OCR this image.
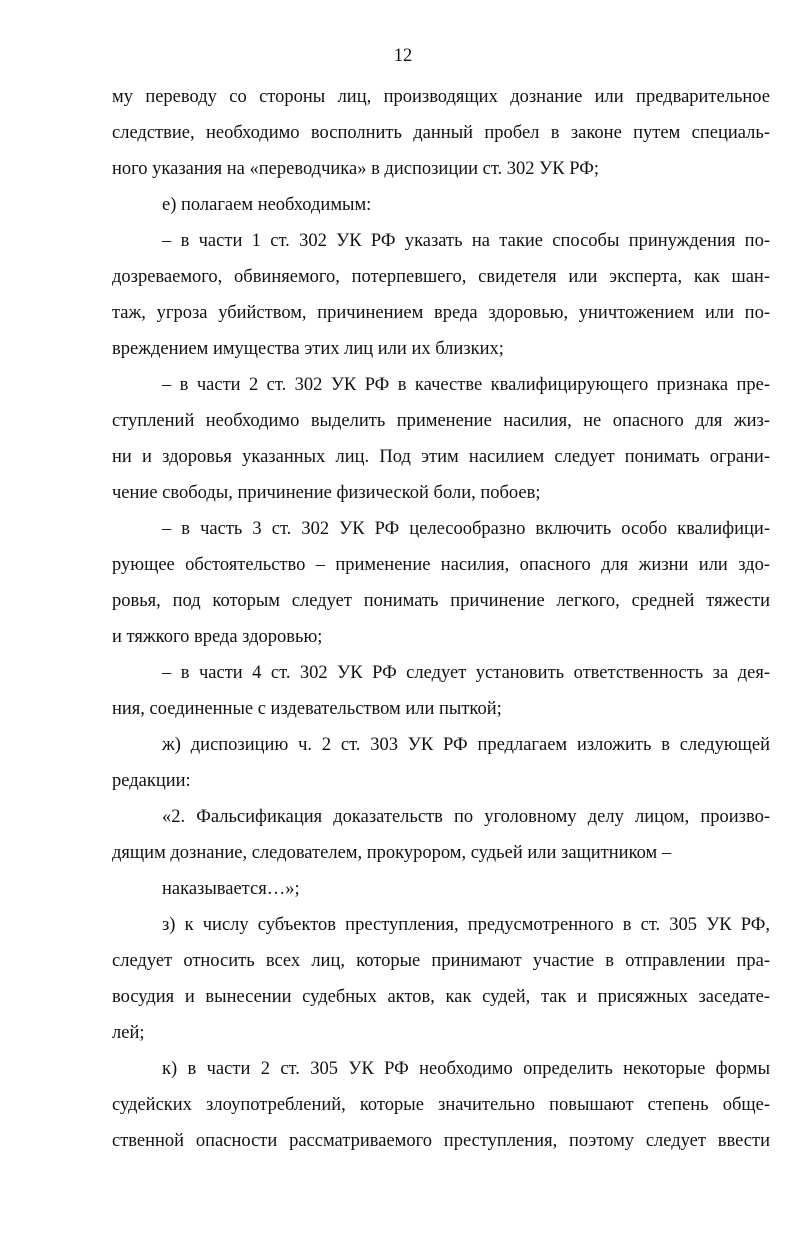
12
му переводу со стороны лиц, производящих дознание или предварительное
следствие, необходимо восполнить данный пробел в законе путем специаль-
ного указания на «переводчика» в диспозиции ст. 302 УК РФ;
е) полагаем необходимым:
– в части 1 ст. 302 УК РФ указать на такие способы принуждения по-
дозреваемого, обвиняемого, потерпевшего, свидетеля или эксперта, как шан-
таж, угроза убийством, причинением вреда здоровью, уничтожением или по-
вреждением имущества этих лиц или их близких;
– в части 2 ст. 302 УК РФ в качестве квалифицирующего признака пре-
ступлений необходимо выделить применение насилия, не опасного для жиз-
ни и здоровья указанных лиц. Под этим насилием следует понимать ограни-
чение свободы, причинение физической боли, побоев;
– в часть 3 ст. 302 УК РФ целесообразно включить особо квалифици-
рующее обстоятельство – применение насилия, опасного для жизни или здо-
ровья, под которым следует понимать причинение легкого, средней тяжести
и тяжкого вреда здоровью;
– в части 4 ст. 302 УК РФ следует установить ответственность за дея-
ния, соединенные с издевательством или пыткой;
ж) диспозицию ч. 2 ст. 303 УК РФ предлагаем изложить в следующей
редакции:
«2. Фальсификация доказательств по уголовному делу лицом, произво-
дящим дознание, следователем, прокурором, судьей или защитником –
наказывается…»;
з) к числу субъектов преступления, предусмотренного в ст. 305 УК РФ,
следует относить всех лиц, которые принимают участие в отправлении пра-
восудия и вынесении судебных актов, как судей, так и присяжных заседате-
лей;
к) в части 2 ст. 305 УК РФ необходимо определить некоторые формы
судейских злоупотреблений, которые значительно повышают степень обще-
ственной опасности рассматриваемого преступления, поэтому следует ввести
